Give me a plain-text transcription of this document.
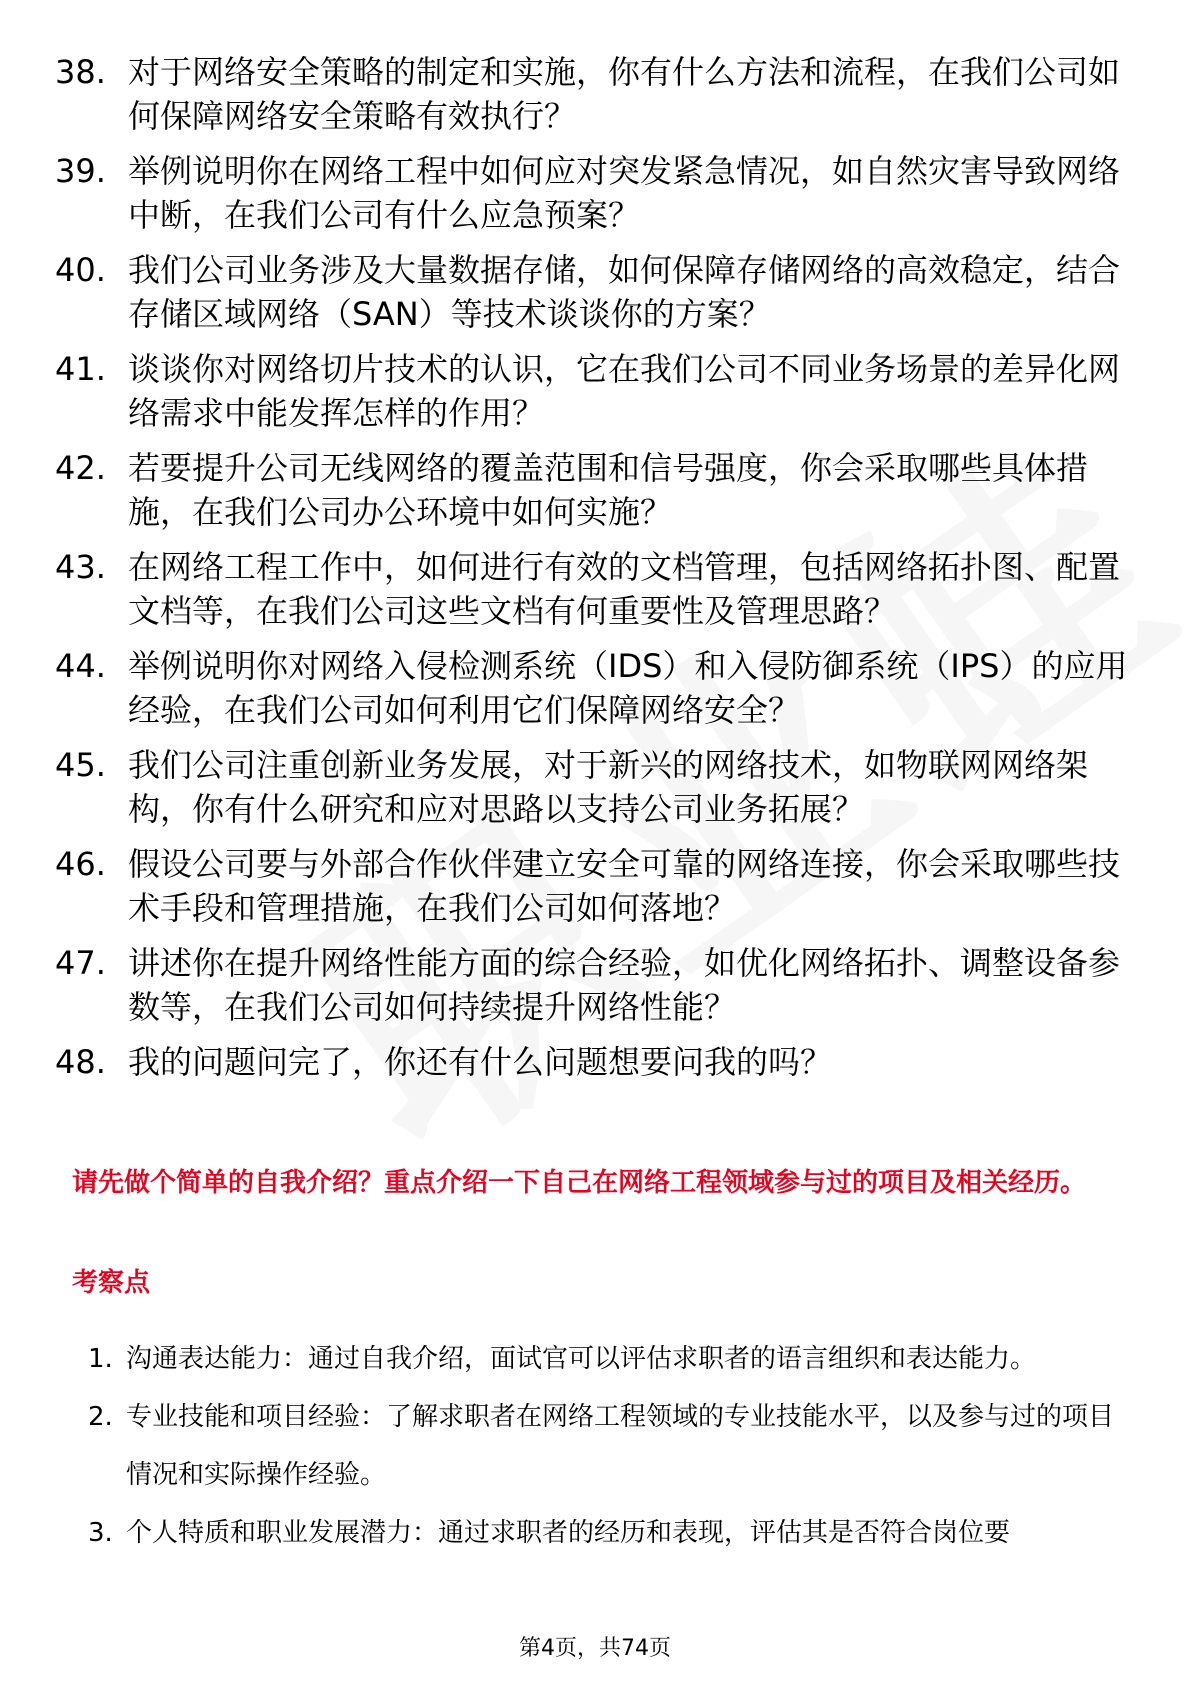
38. 对于网络安全策略的制定和实施，你有什么方法和流程，在我们公司如何保障网络安全策略有效执行？
39. 举例说明你在网络工程中如何应对突发紧急情况，如自然灾害导致网络中断，在我们公司有什么应急预案？
40. 我们公司业务涉及大量数据存储，如何保障存储网络的高效稳定，结合存储区域网络（SAN）等技术谈谈你的方案？
41. 谈谈你对网络切片技术的认识，它在我们公司不同业务场景的差异化网络需求中能发挥怎样的作用？
42. 若要提升公司无线网络的覆盖范围和信号强度，你会采取哪些具体措施，在我们公司办公环境中如何实施？
43. 在网络工程工作中，如何进行有效的文档管理，包括网络拓扑图、配置文档等，在我们公司这些文档有何重要性及管理思路？
44. 举例说明你对网络入侵检测系统（IDS）和入侵防御系统（IPS）的应用经验，在我们公司如何利用它们保障网络安全？
45. 我们公司注重创新业务发展，对于新兴的网络技术，如物联网网络架构，你有什么研究和应对思路以支持公司业务拓展？
46. 假设公司要与外部合作伙伴建立安全可靠的网络连接，你会采取哪些技术手段和管理措施，在我们公司如何落地？
47. 讲述你在提升网络性能方面的综合经验，如优化网络拓扑、调整设备参数等，在我们公司如何持续提升网络性能？
48. 我的问题问完了，你还有什么问题想要问我的吗？
请先做个简单的自我介绍？重点介绍一下自己在网络工程领域参与过的项目及相关经历。
考察点
1. 沟通表达能力：通过自我介绍，面试官可以评估求职者的语言组织和表达能力。
2. 专业技能和项目经验：了解求职者在网络工程领域的专业技能水平，以及参与过的项目情况和实际操作经验。
3. 个人特质和职业发展潜力：通过求职者的经历和表现，评估其是否符合岗位要
第4页，共74页
